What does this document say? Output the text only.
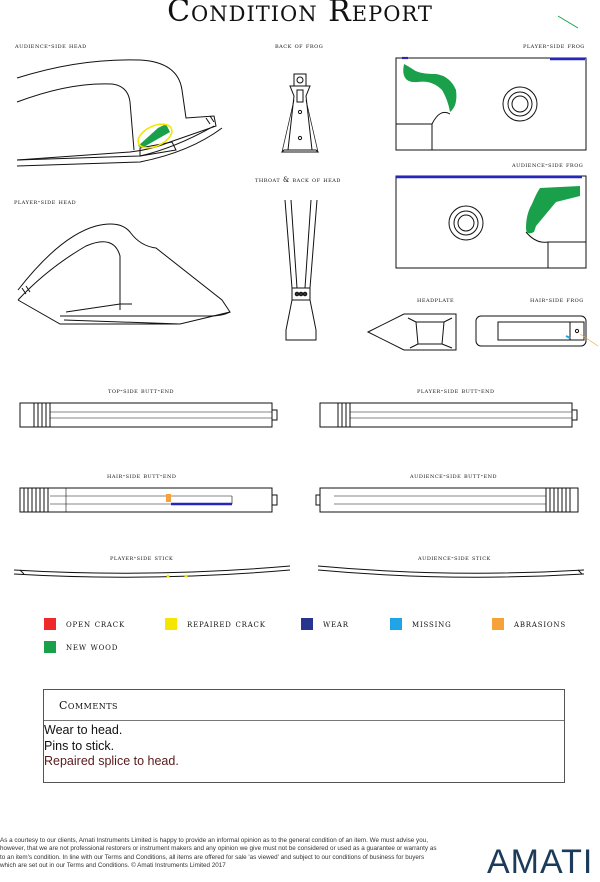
Condition Report
audience-side head	back of frog	player-side frog
audience-side frog
throat & back of head
player-side head
headplate	hair-side frog
top-side butt-end	player-side butt-end
hair-side butt-end	audience-side butt-end
player-side stick	audience-side stick
open crack	repaired crack	wear	missing	abrasions
new wood
Comments
Wear to head.
Pins to stick.
Repaired splice to head.
As a courtesy to our clients, Amati Instruments Limited is happy to provide an informal opinion as to the general condition of an item. We must advise you, however, that we are not professional restorers or instrument makers and any opinion we give must not be considered or used as a guarantee or warranty as to an item's condition. In line with our Terms and Conditions, all items are offered for sale 'as viewed' and subject to our conditions of business for buyers which are set out in our Terms and Conditions. © Amati Instruments Limited 2017	AMATI
